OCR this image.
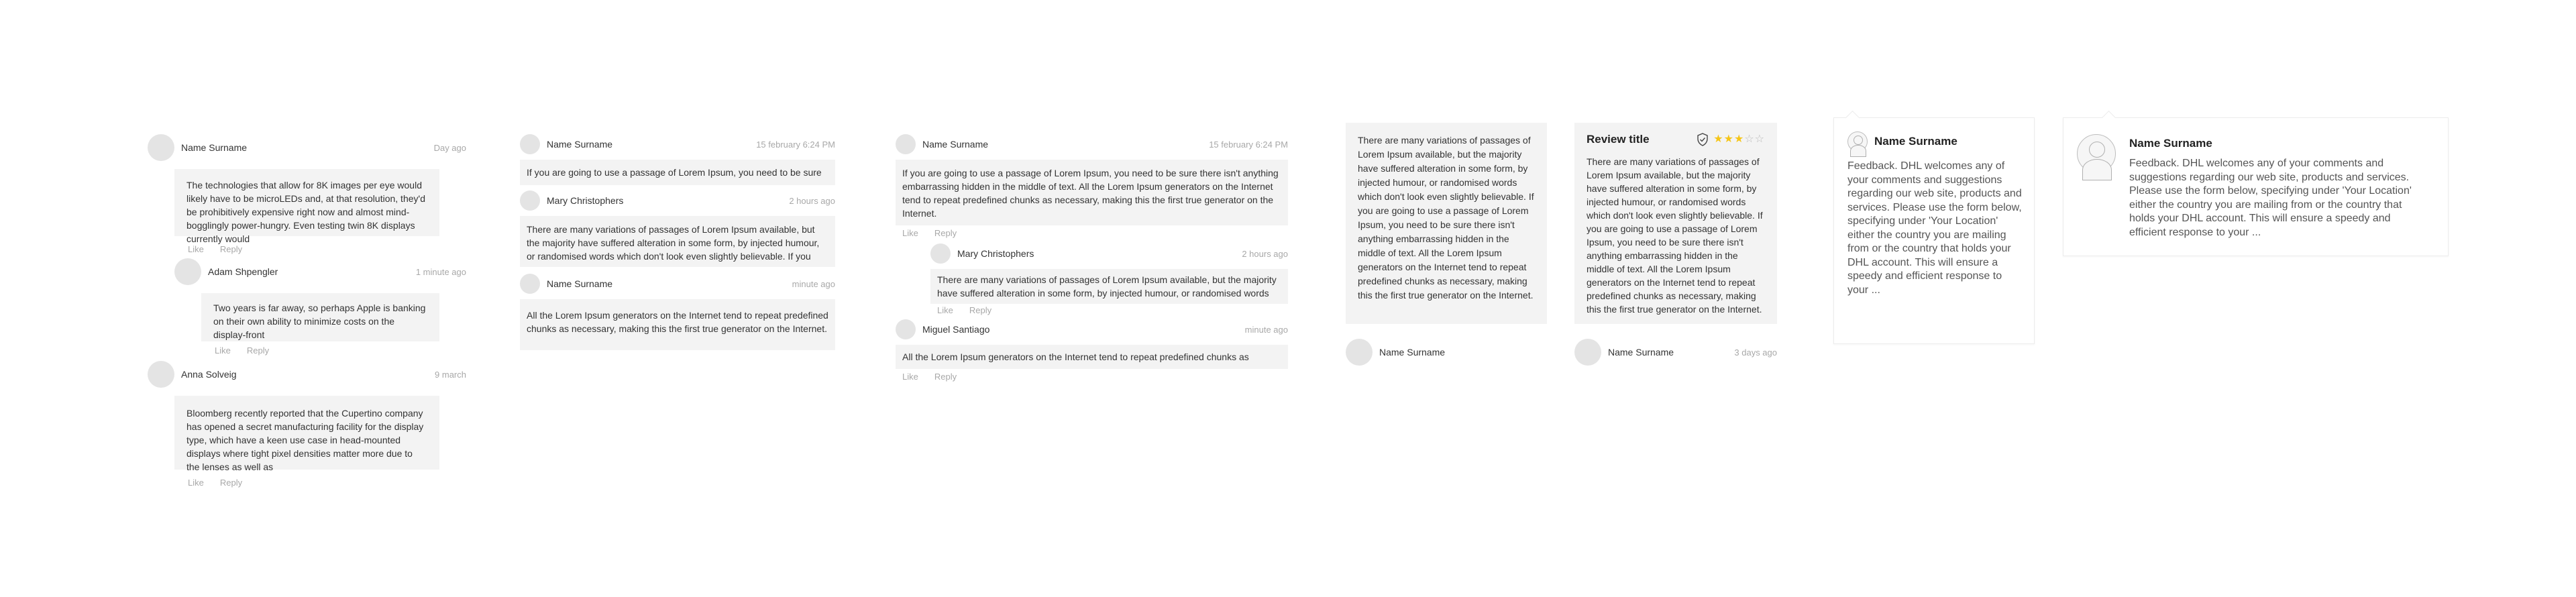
Name Surname	Day ago
The technologies that allow for 8K images per eye would likely have to be microLEDs and, at that resolution, they'd be prohibitively expensive right now and almost mind-bogglingly power-hungry. Even testing twin 8K displays currently would
Like Reply
Adam Shpengler	1 minute ago
Two years is far away, so perhaps Apple is banking on their own ability to minimize costs on the display-front
Like Reply
Anna Solveig	9 march
Bloomberg recently reported that the Cupertino company has opened a secret manufacturing facility for the display type, which have a keen use case in head-mounted displays where tight pixel densities matter more due to the lenses as well as
Like Reply
Name Surname	15 february 6:24 PM
If you are going to use a passage of Lorem Ipsum, you need to be sure
Mary Christophers	2 hours ago
There are many variations of passages of Lorem Ipsum available, but the majority have suffered alteration in some form, by injected humour, or randomised words which don't look even slightly believable. If you
Name Surname	minute ago
All the Lorem Ipsum generators on the Internet tend to repeat predefined chunks as necessary, making this the first true generator on the Internet.
Name Surname	15 february 6:24 PM
If you are going to use a passage of Lorem Ipsum, you need to be sure there isn't anything embarrassing hidden in the middle of text. All the Lorem Ipsum generators on the Internet tend to repeat predefined chunks as necessary, making this the first true generator on the Internet.
Like Reply
Mary Christophers	2 hours ago
There are many variations of passages of Lorem Ipsum available, but the majority have suffered alteration in some form, by injected humour, or randomised words
Like Reply
Miguel Santiago	minute ago
All the Lorem Ipsum generators on the Internet tend to repeat predefined chunks as
Like Reply
There are many variations of passages of Lorem Ipsum available, but the majority have suffered alteration in some form, by injected humour, or randomised words which don't look even slightly believable. If you are going to use a passage of Lorem Ipsum, you need to be sure there isn't anything embarrassing hidden in the middle of text. All the Lorem Ipsum generators on the Internet tend to repeat predefined chunks as necessary, making this the first true generator on the Internet.
Name Surname
Review title	★★★☆☆
There are many variations of passages of Lorem Ipsum available, but the majority have suffered alteration in some form, by injected humour, or randomised words which don't look even slightly believable. If you are going to use a passage of Lorem Ipsum, you need to be sure there isn't anything embarrassing hidden in the middle of text. All the Lorem Ipsum generators on the Internet tend to repeat predefined chunks as necessary, making this the first true generator on the Internet.
Name Surname	3 days ago
Name Surname
Feedback. DHL welcomes any of your comments and suggestions regarding our web site, products and services. Please use the form below, specifying under 'Your Location' either the country you are mailing from or the country that holds your DHL account. This will ensure a speedy and efficient response to your ...
Name Surname
Feedback. DHL welcomes any of your comments and suggestions regarding our web site, products and services. Please use the form below, specifying under 'Your Location' either the country you are mailing from or the country that holds your DHL account. This will ensure a speedy and efficient response to your ...
